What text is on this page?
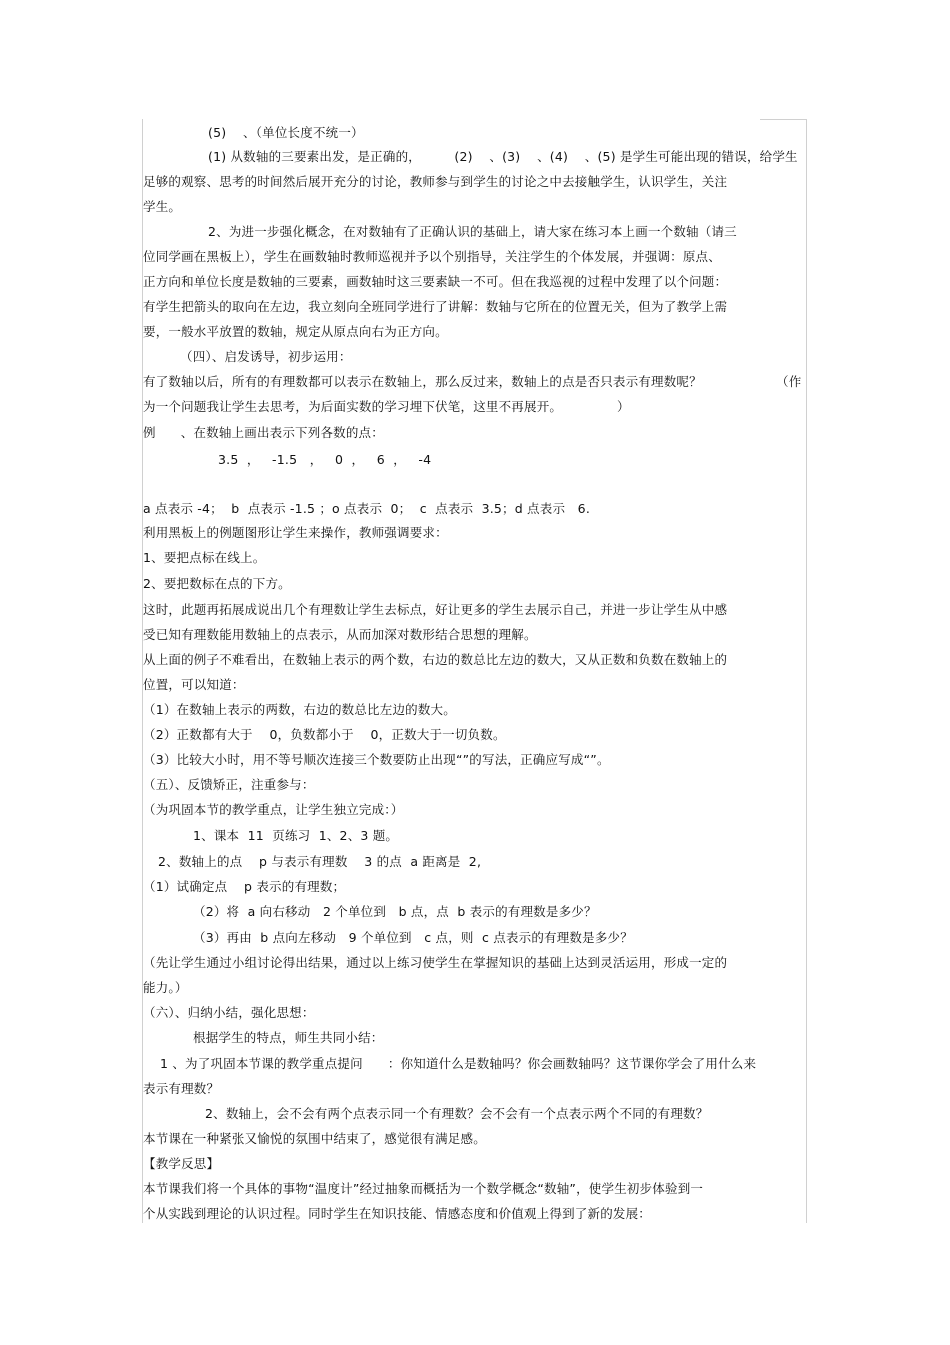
(5)    、（单位长度不统一）
(1) 从数轴的三要素出发，是正确的，        (2)    、(3)    、(4)    、(5) 是学生可能出现的错误，给学生
足够的观察、思考的时间然后展开充分的讨论，教师参与到学生的讨论之中去接触学生，认识学生，关注
学生。
2、为进一步强化概念，在对数轴有了正确认识的基础上，请大家在练习本上画一个数轴（请三
位同学画在黑板上），学生在画数轴时教师巡视并予以个别指导，关注学生的个体发展，并强调：原点、
正方向和单位长度是数轴的三要素，画数轴时这三要素缺一不可。但在我巡视的过程中发理了以个问题：
有学生把箭头的取向在左边，我立刻向全班同学进行了讲解：数轴与它所在的位置无关，但为了教学上需
要，一般水平放置的数轴，规定从原点向右为正方向。
（四）、启发诱导，初步运用：
有了数轴以后，所有的有理数都可以表示在数轴上，那么反过来，数轴上的点是否只表示有理数呢？	（作
为一个问题我让学生去思考，为后面实数的学习埋下伏笔，这里不再展开。	）
例      、在数轴上画出表示下列各数的点：
3.5  ，   -1.5   ，   0  ，   6  ，   -4
a 点表示 -4；  b  点表示 -1.5 ；o 点表示  0；  c  点表示  3.5；d 点表示   6.
利用黑板上的例题图形让学生来操作，教师强调要求：
1、要把点标在线上。
2、要把数标在点的下方。
这时，此题再拓展成说出几个有理数让学生去标点，好让更多的学生去展示自己，并进一步让学生从中感
受已知有理数能用数轴上的点表示，从而加深对数形结合思想的理解。
从上面的例子不难看出，在数轴上表示的两个数，右边的数总比左边的数大，又从正数和负数在数轴上的
位置，可以知道：
（1）在数轴上表示的两数，右边的数总比左边的数大。
（2）正数都有大于    0，负数都小于    0，正数大于一切负数。
（3）比较大小时，用不等号顺次连接三个数要防止出现“”的写法，正确应写成“”。
（五）、反馈矫正，注重参与：
（为巩固本节的教学重点，让学生独立完成：）
1、课本  11  页练习  1、2、3 题。
2、数轴上的点    p 与表示有理数    3 的点  a 距离是  2,
（1）试确定点    p 表示的有理数；
（2）将  a 向右移动   2 个单位到   b 点，点  b 表示的有理数是多少？
（3）再由  b 点向左移动   9 个单位到   c 点，则  c 点表示的有理数是多少？
（先让学生通过小组讨论得出结果，通过以上练习使学生在掌握知识的基础上达到灵活运用，形成一定的
能力。）
（六）、归纳小结，强化思想：
根据学生的特点，师生共同小结：
1 、为了巩固本节课的教学重点提问      ：你知道什么是数轴吗？你会画数轴吗？这节课你学会了用什么来
表示有理数？
2、数轴上，会不会有两个点表示同一个有理数？会不会有一个点表示两个不同的有理数？
本节课在一种紧张又愉悦的氛围中结束了，感觉很有满足感。
【教学反思】
本节课我们将一个具体的事物“温度计”经过抽象而概括为一个数学概念“数轴”，使学生初步体验到一
个从实践到理论的认识过程。同时学生在知识技能、情感态度和价值观上得到了新的发展：
